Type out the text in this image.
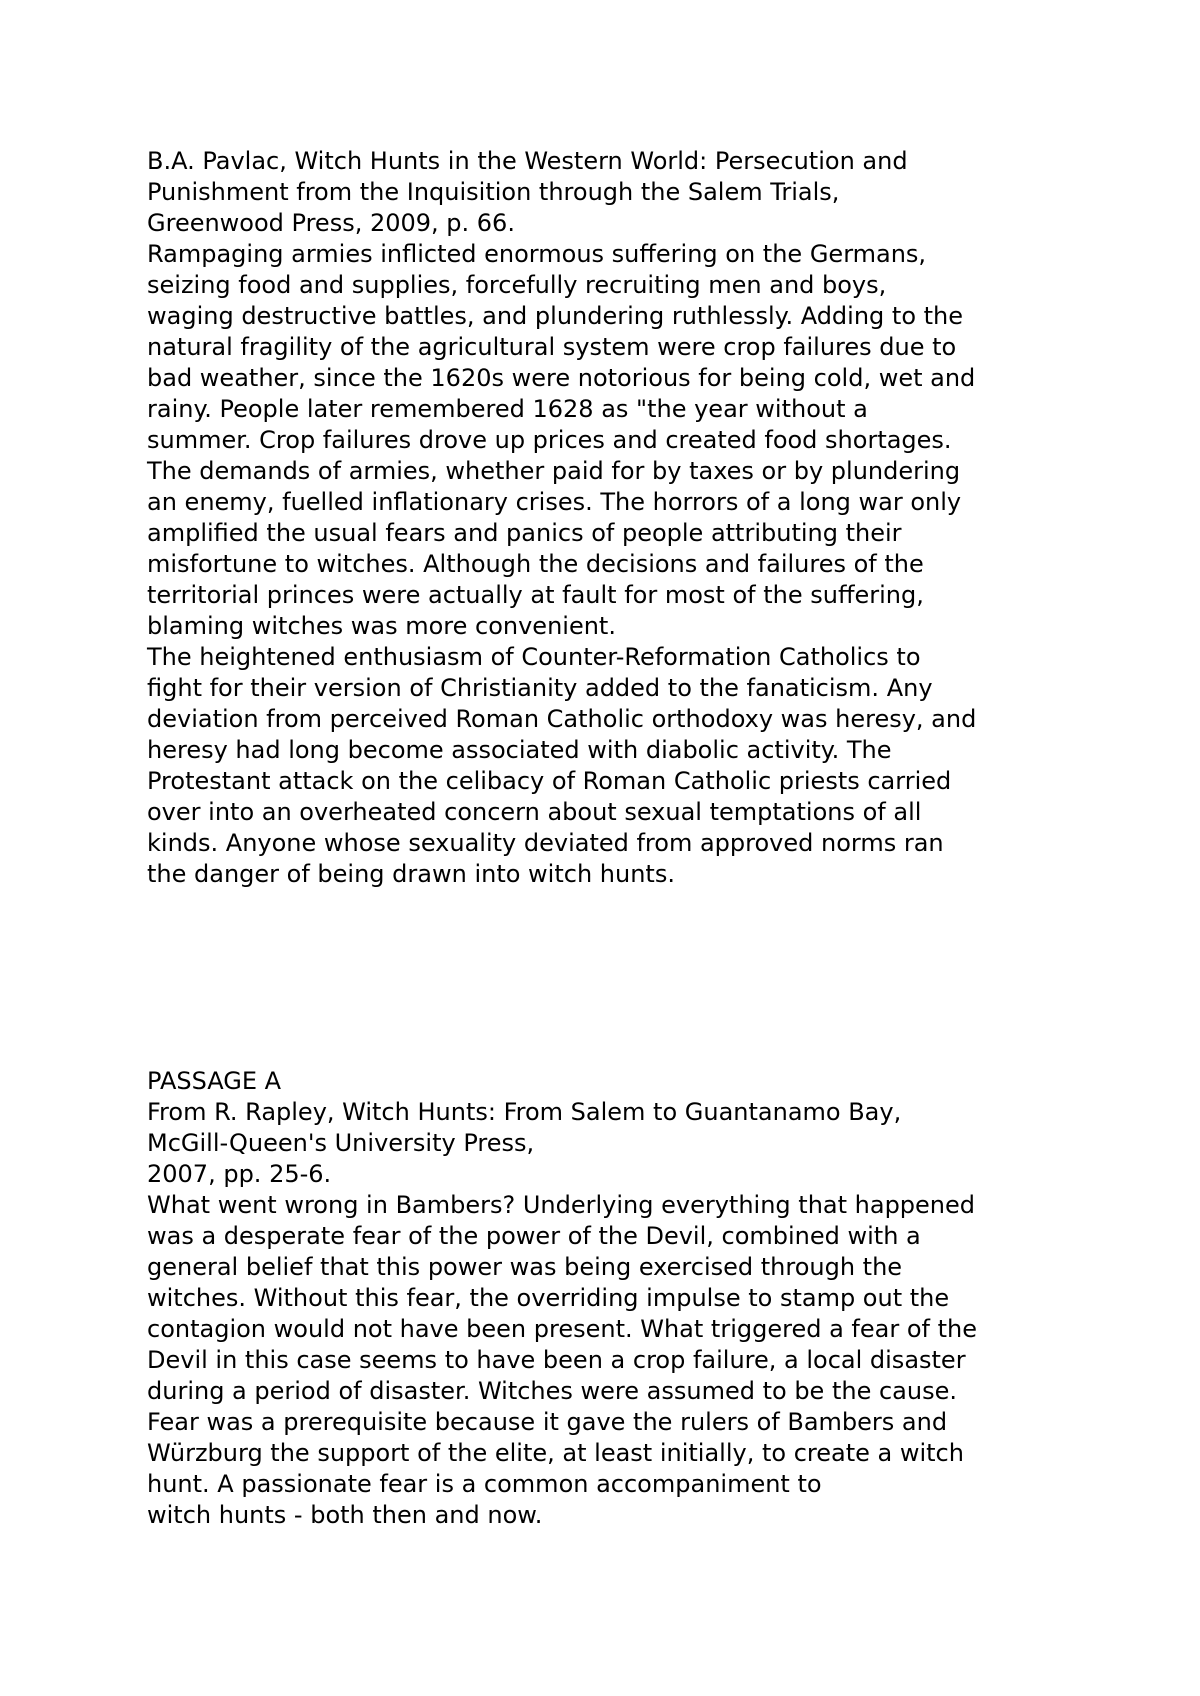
B.A. Pavlac, Witch Hunts in the Western World: Persecution and
Punishment from the Inquisition through the Salem Trials,
Greenwood Press, 2009, p. 66.
Rampaging armies inflicted enormous suffering on the Germans,
seizing food and supplies, forcefully recruiting men and boys,
waging destructive battles, and plundering ruthlessly. Adding to the
natural fragility of the agricultural system were crop failures due to
bad weather, since the 1620s were notorious for being cold, wet and
rainy. People later remembered 1628 as "the year without a
summer. Crop failures drove up prices and created food shortages.
The demands of armies, whether paid for by taxes or by plundering
an enemy, fuelled inflationary crises. The horrors of a long war only
amplified the usual fears and panics of people attributing their
misfortune to witches. Although the decisions and failures of the
territorial princes were actually at fault for most of the suffering,
blaming witches was more convenient.
The heightened enthusiasm of Counter-Reformation Catholics to
fight for their version of Christianity added to the fanaticism. Any
deviation from perceived Roman Catholic orthodoxy was heresy, and
heresy had long become associated with diabolic activity. The
Protestant attack on the celibacy of Roman Catholic priests carried
over into an overheated concern about sexual temptations of all
kinds. Anyone whose sexuality deviated from approved norms ran
the danger of being drawn into witch hunts.
PASSAGE A
From R. Rapley, Witch Hunts: From Salem to Guantanamo Bay,
McGill-Queen's University Press,
2007, pp. 25-6.
What went wrong in Bambers? Underlying everything that happened
was a desperate fear of the power of the Devil, combined with a
general belief that this power was being exercised through the
witches. Without this fear, the overriding impulse to stamp out the
contagion would not have been present. What triggered a fear of the
Devil in this case seems to have been a crop failure, a local disaster
during a period of disaster. Witches were assumed to be the cause.
Fear was a prerequisite because it gave the rulers of Bambers and
Würzburg the support of the elite, at least initially, to create a witch
hunt. A passionate fear is a common accompaniment to
witch hunts - both then and now.
